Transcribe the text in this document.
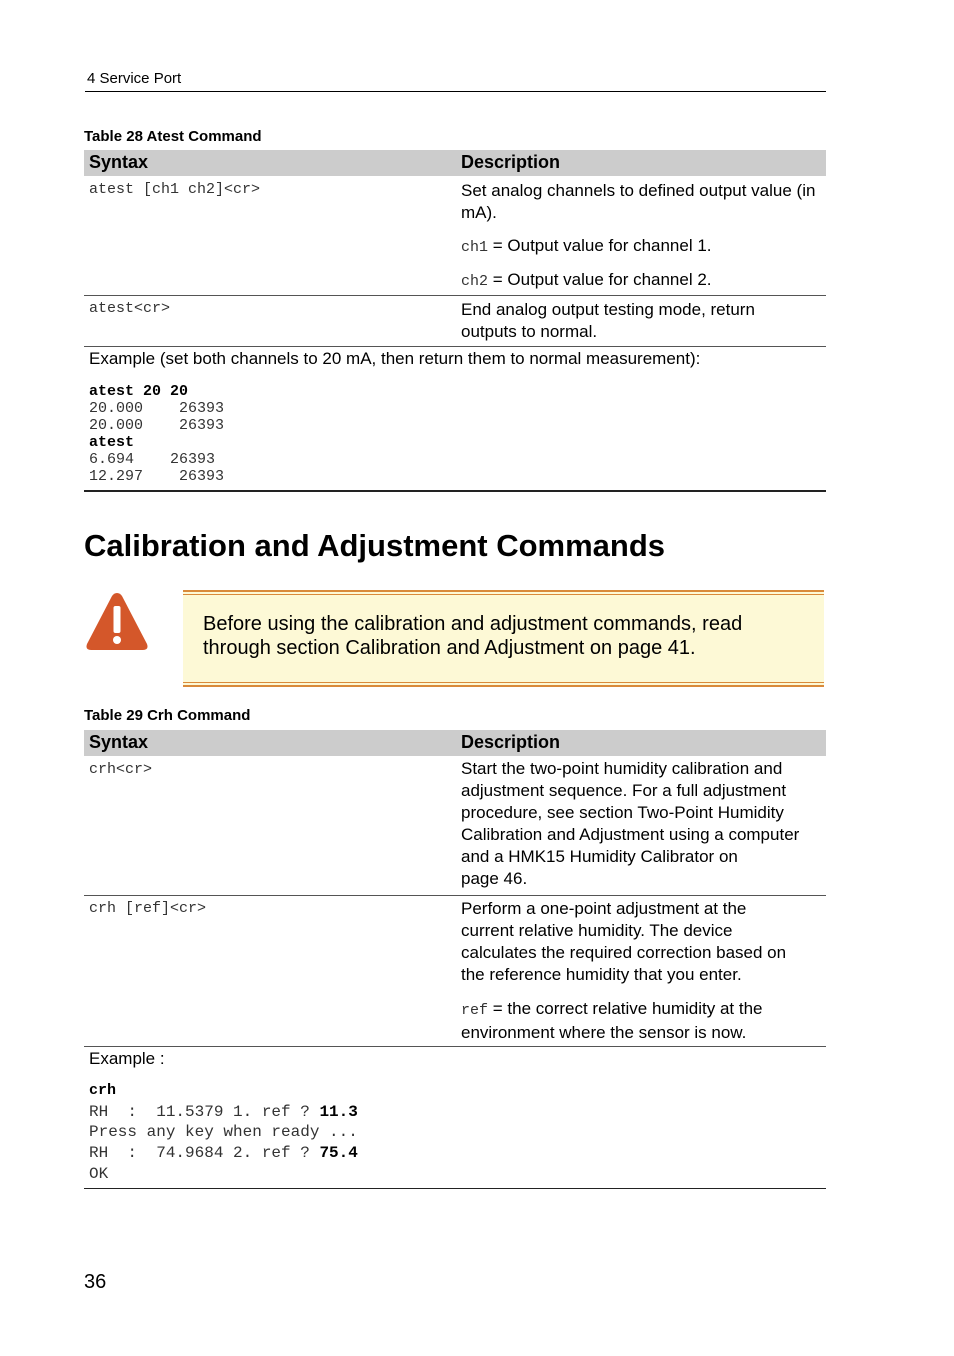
4 Service Port
Table 28 Atest Command
Syntax	Description
atest [ch1 ch2]<cr>	Set analog channels to defined output value (in mA).
ch1 = Output value for channel 1.
ch2 = Output value for channel 2.
atest<cr>	End analog output testing mode, return outputs to normal.
Example (set both channels to 20 mA, then return them to normal measurement):
atest 20 20
20.000    26393
20.000    26393
atest
6.694    26393
12.297    26393
Calibration and Adjustment Commands
Before using the calibration and adjustment commands, read through section Calibration and Adjustment on page 41.
Table 29 Crh Command
Syntax	Description
crh<cr>	Start the two-point humidity calibration and
adjustment sequence. For a full adjustment
procedure, see section Two-Point Humidity
Calibration and Adjustment using a computer
and a HMK15 Humidity Calibrator on
page 46.
crh [ref]<cr>	Perform a one-point adjustment at the
current relative humidity. The device
calculates the required correction based on
the reference humidity that you enter.
ref = the correct relative humidity at the
environment where the sensor is now.
Example :
crh
RH  :  11.5379 1. ref ? 11.3
Press any key when ready ...
RH  :  74.9684 2. ref ? 75.4
OK
36
